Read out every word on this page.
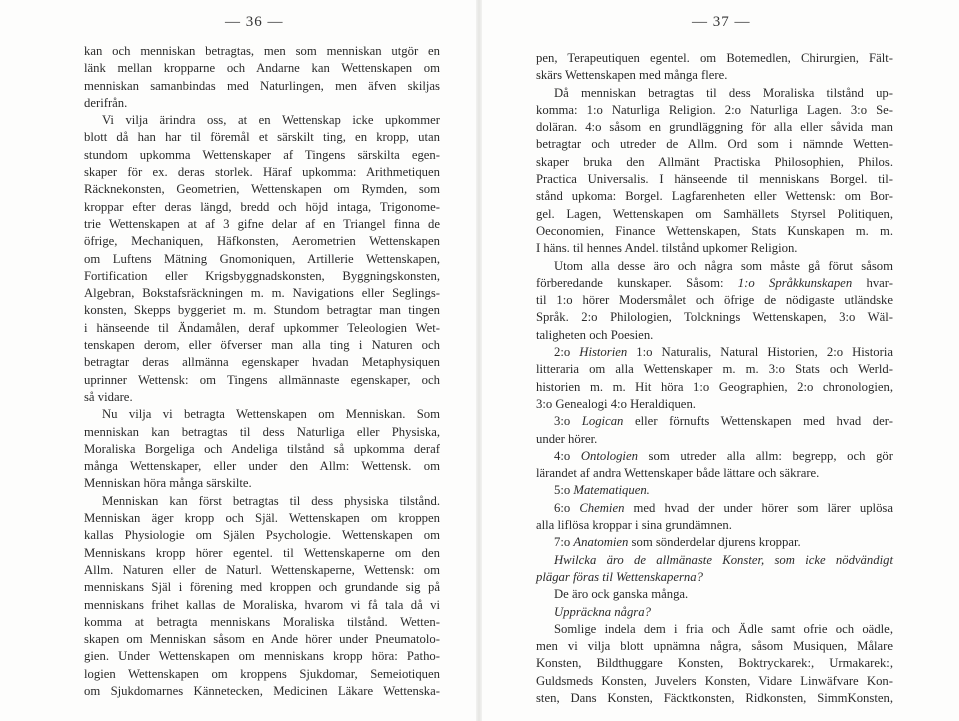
— 36 —
kan och menniskan betragtas, men som menniskan utgör en
länk mellan kropparne och Andarne kan Wettenskapen om
menniskan samanbindas med Naturlingen, men äfven skiljas
derifrån.
Vi vilja ärindra oss, at en Wettenskap icke upkommer
blott då han har til föremål et särskilt ting, en kropp, utan
stundom upkomma Wettenskaper af Tingens särskilta egen-
skaper för ex. deras storlek. Häraf upkomma: Arithmetiquen
Räcknekonsten, Geometrien, Wettenskapen om Rymden, som
kroppar efter deras längd, bredd och höjd intaga, Trigonome-
trie Wettenskapen at af 3 gifne delar af en Triangel finna de
öfrige, Mechaniquen, Häfkonsten, Aerometrien Wettenskapen
om Luftens Mätning Gnomoniquen, Artillerie Wettenskapen,
Fortification eller Krigsbyggnadskonsten, Byggningskonsten,
Algebran, Bokstafsräckningen m. m. Navigations eller Seglings-
konsten, Skepps byggeriet m. m. Stundom betragtar man tingen
i hänseende til Ändamålen, deraf upkommer Teleologien Wet-
tenskapen derom, eller öfverser man alla ting i Naturen och
betragtar deras allmänna egenskaper hvadan Metaphysiquen
uprinner Wettensk: om Tingens allmännaste egenskaper, och
så vidare.
Nu vilja vi betragta Wettenskapen om Menniskan. Som
menniskan kan betragtas til dess Naturliga eller Physiska,
Moraliska Borgeliga och Andeliga tilstånd så upkomma deraf
många Wettenskaper, eller under den Allm: Wettensk. om
Menniskan höra många särskilte.
Menniskan kan först betragtas til dess physiska tilstånd.
Menniskan äger kropp och Själ. Wettenskapen om kroppen
kallas Physiologie om Själen Psychologie. Wettenskapen om
Menniskans kropp hörer egentel. til Wettenskaperne om den
Allm. Naturen eller de Naturl. Wettenskaperne, Wettensk: om
menniskans Själ i förening med kroppen och grundande sig på
menniskans frihet kallas de Moraliska, hvarom vi få tala då vi
komma at betragta menniskans Moraliska tilstånd. Wetten-
skapen om Menniskan såsom en Ande hörer under Pneumatolo-
gien. Under Wettenskapen om menniskans kropp höra: Patho-
logien Wettenskapen om kroppens Sjukdomar, Semeiotiquen
om Sjukdomarnes Kännetecken, Medicinen Läkare Wettenska-
— 37 —
pen, Terapeutiquen egentel. om Botemedlen, Chirurgien, Fält-
skärs Wettenskapen med många flere.
Då menniskan betragtas til dess Moraliska tilstånd up-
komma: 1:o Naturliga Religion. 2:o Naturliga Lagen. 3:o Se-
doläran. 4:o såsom en grundläggning för alla eller såvida man
betragtar och utreder de Allm. Ord som i nämnde Wetten-
skaper bruka den Allmänt Practiska Philosophien, Philos.
Practica Universalis. I hänseende til menniskans Borgel. til-
stånd upkoma: Borgel. Lagfarenheten eller Wettensk: om Bor-
gel. Lagen, Wettenskapen om Samhällets Styrsel Politiquen,
Oeconomien, Finance Wettenskapen, Stats Kunskapen m. m.
I häns. til hennes Andel. tilstånd upkomer Religion.
Utom alla desse äro och några som måste gå förut såsom
förberedande kunskaper. Såsom: 1:o Språkkunskapen hvar-
til 1:o hörer Modersmålet och öfrige de nödigaste utländske
Språk. 2:o Philologien, Tolcknings Wettenskapen, 3:o Wäl-
taligheten och Poesien.
2:o Historien 1:o Naturalis, Natural Historien, 2:o Historia
litteraria om alla Wettenskaper m. m. 3:o Stats och Werld-
historien m. m. Hit höra 1:o Geographien, 2:o chronologien,
3:o Genealogi 4:o Heraldiquen.
3:o Logican eller förnufts Wettenskapen med hvad der-
under hörer.
4:o Ontologien som utreder alla allm: begrepp, och gör
lärandet af andra Wettenskaper både lättare och säkrare.
5:o Matematiquen.
6:o Chemien med hvad der under hörer som lärer uplösa
alla liflösa kroppar i sina grundämnen.
7:o Anatomien som sönderdelar djurens kroppar.
Hwilcka äro de allmänaste Konster, som icke nödvändigt
plägar föras til Wettenskaperna?
De äro ock ganska många.
Uppräckna några?
Somlige indela dem i fria och Ädle samt ofrie och oädle,
men vi vilja blott upnämna några, såsom Musiquen, Målare
Konsten, Bildthuggare Konsten, Boktryckarek:, Urmakarek:,
Guldsmeds Konsten, Juvelers Konsten, Vidare Linwäfvare Kon-
sten, Dans Konsten, Fäcktkonsten, Ridkonsten, SimmKonsten,
